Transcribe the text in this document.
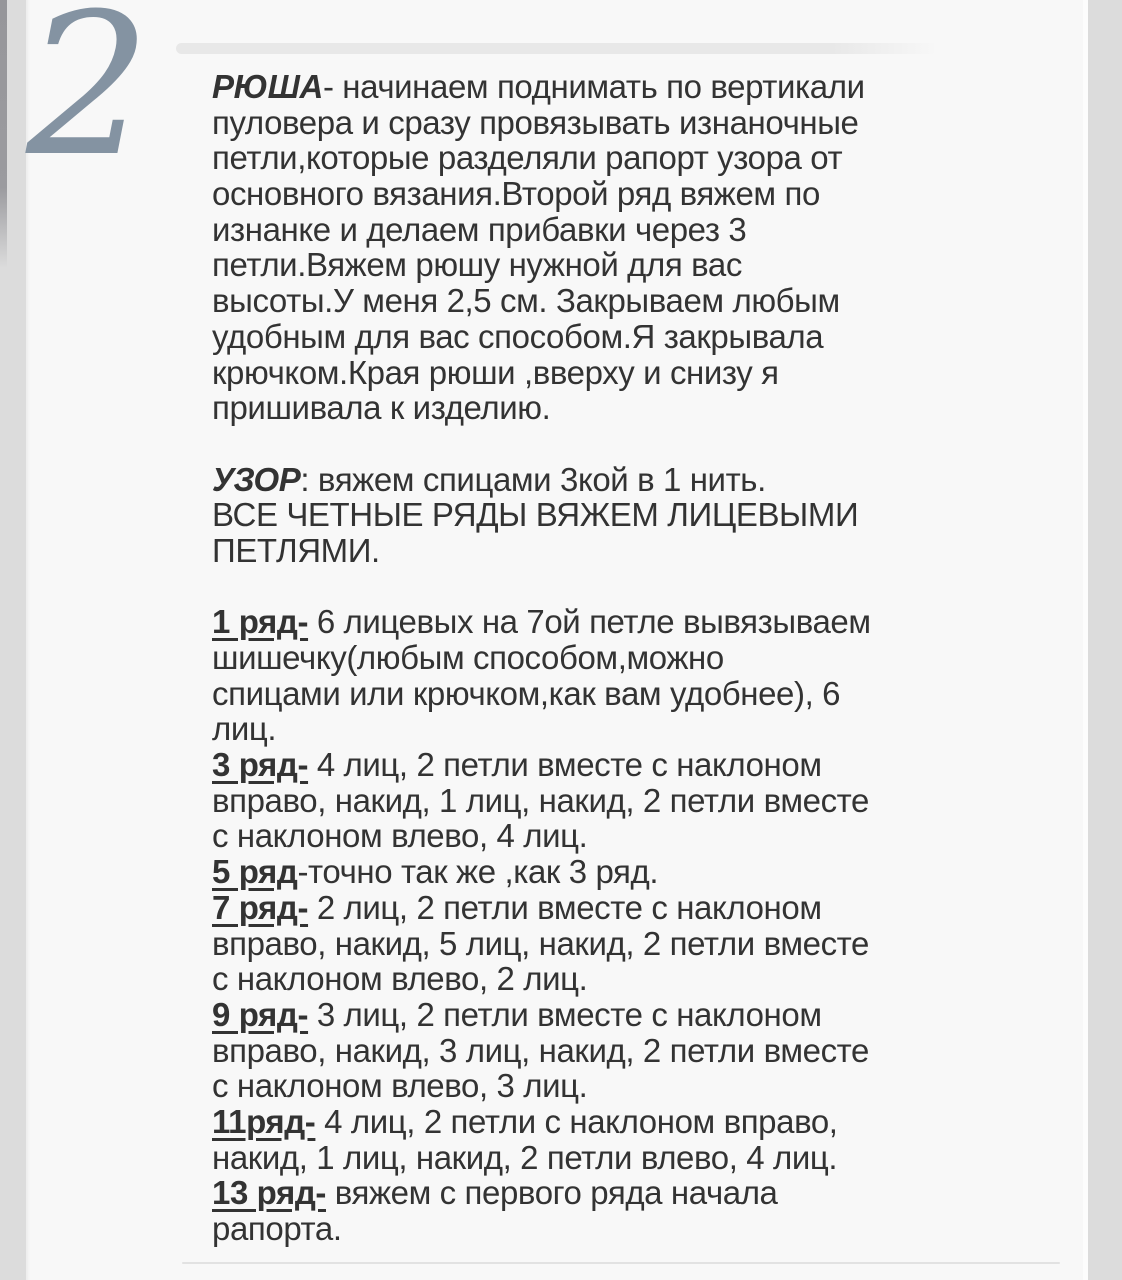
2 РЮША- начинаем поднимать по вертикали
пуловера и сразу провязывать изнаночные
петли,которые разделяли рапорт узора от
основного вязания.Второй ряд вяжем по
изнанке и делаем прибавки через 3
петли.Вяжем рюшу нужной для вас
высоты.У меня 2,5 см. Закрываем любым
удобным для вас способом.Я закрывала
крючком.Края рюши ,вверху и снизу я
пришивала к изделию.
УЗОР: вяжем спицами 3кой в 1 нить.
ВСЕ ЧЕТНЫЕ РЯДЫ ВЯЖЕМ ЛИЦЕВЫМИ
ПЕТЛЯМИ.
1 ряд- 6 лицевых на 7ой петле вывязываем
шишечку(любым способом,можно
спицами или крючком,как вам удобнее), 6
лиц.
3 ряд- 4 лиц, 2 петли вместе с наклоном
вправо, накид, 1 лиц, накид, 2 петли вместе
с наклоном влево, 4 лиц.
5 ряд-точно так же ,как 3 ряд.
7 ряд- 2 лиц, 2 петли вместе с наклоном
вправо, накид, 5 лиц, накид, 2 петли вместе
с наклоном влево, 2 лиц.
9 ряд- 3 лиц, 2 петли вместе с наклоном
вправо, накид, 3 лиц, накид, 2 петли вместе
с наклоном влево, 3 лиц.
11ряд- 4 лиц, 2 петли с наклоном вправо,
накид, 1 лиц, накид, 2 петли влево, 4 лиц.
13 ряд- вяжем с первого ряда начала
рапорта.
